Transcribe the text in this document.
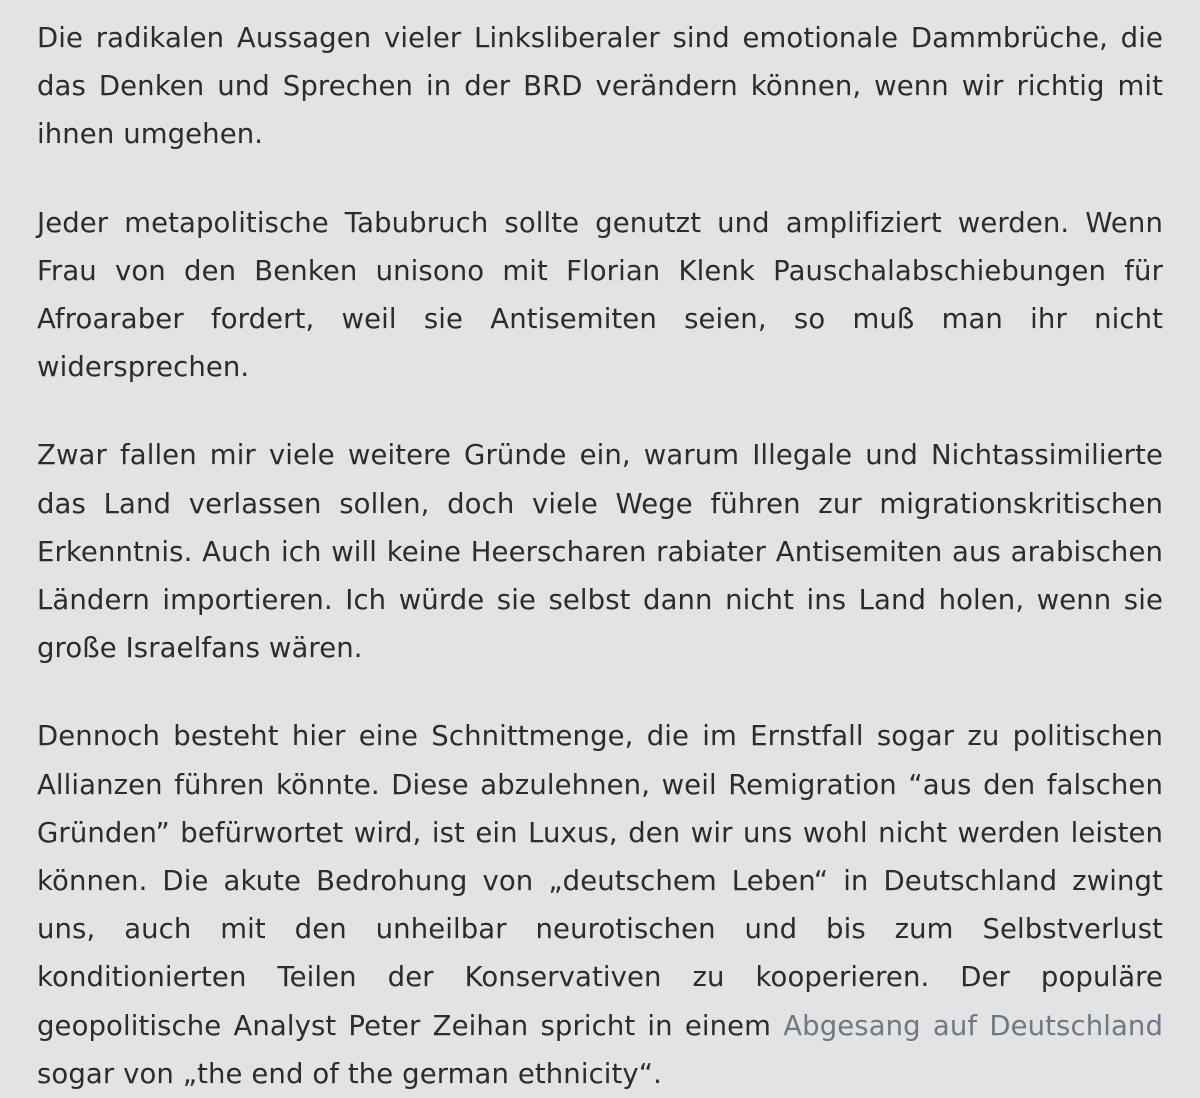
Die radikalen Aussagen vieler Linksliberaler sind emotionale Dammbrüche, die das Denken und Sprechen in der BRD verändern können, wenn wir richtig mit ihnen umgehen.

Jeder metapolitische Tabubruch sollte genutzt und amplifiziert werden. Wenn Frau von den Benken unisono mit Florian Klenk Pauschalabschiebungen für Afroaraber fordert, weil sie Antisemiten seien, so muß man ihr nicht widersprechen.

Zwar fallen mir viele weitere Gründe ein, warum Illegale und Nichtassimilierte das Land verlassen sollen, doch viele Wege führen zur migrationskritischen Erkenntnis. Auch ich will keine Heerscharen rabiater Antisemiten aus arabischen Ländern importieren. Ich würde sie selbst dann nicht ins Land holen, wenn sie große Israelfans wären.

Dennoch besteht hier eine Schnittmenge, die im Ernstfall sogar zu politischen Allianzen führen könnte. Diese abzulehnen, weil Remigration “aus den falschen Gründen” befürwortet wird, ist ein Luxus, den wir uns wohl nicht werden leisten können. Die akute Bedrohung von „deutschem Leben“ in Deutschland zwingt uns, auch mit den unheilbar neurotischen und bis zum Selbstverlust konditionierten Teilen der Konservativen zu kooperieren. Der populäre geopolitische Analyst Peter Zeihan spricht in einem Abgesang auf Deutschland sogar von „the end of the german ethnicity“.
